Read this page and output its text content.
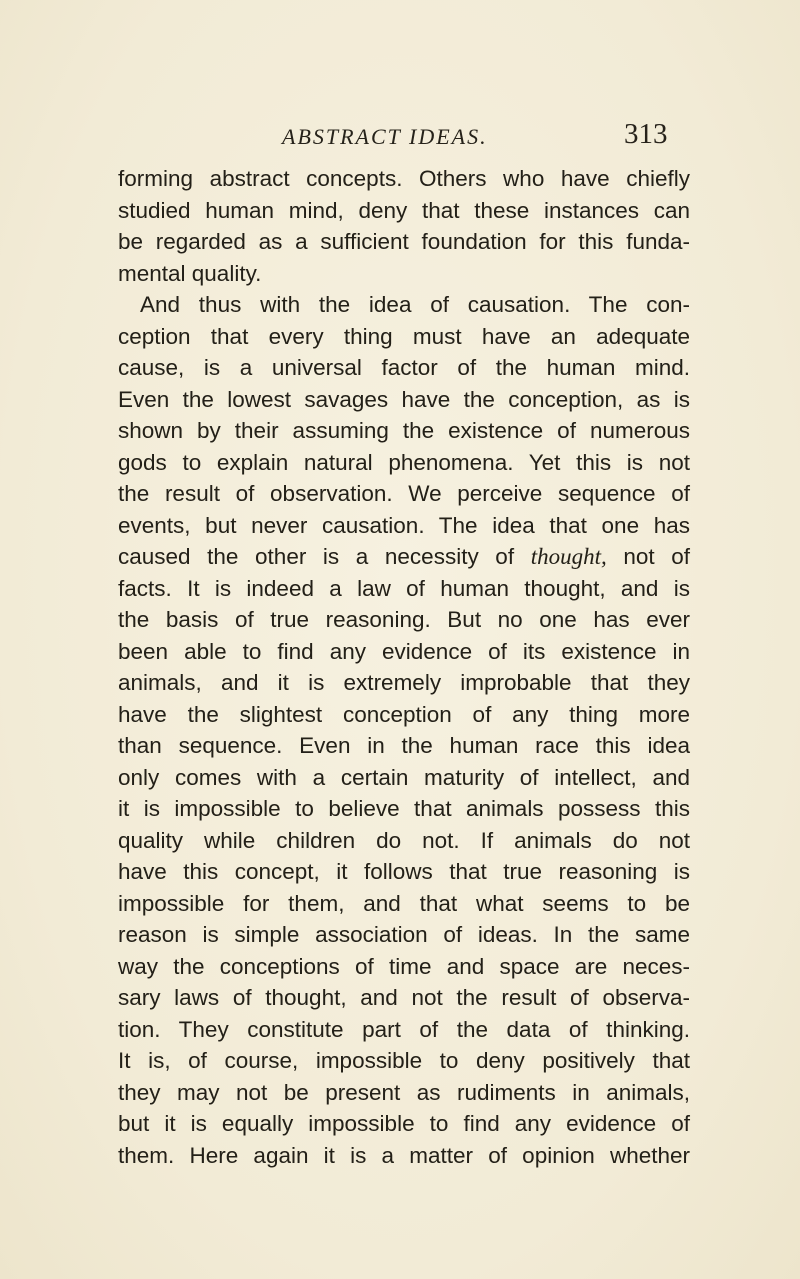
ABSTRACT IDEAS.	313
forming abstract concepts. Others who have chiefly
studied human mind, deny that these instances can
be regarded as a sufficient foundation for this funda-
mental quality.
And thus with the idea of causation. The con-
ception that every thing must have an adequate
cause, is a universal factor of the human mind.
Even the lowest savages have the conception, as is
shown by their assuming the existence of numerous
gods to explain natural phenomena. Yet this is not
the result of observation. We perceive sequence of
events, but never causation. The idea that one has
caused the other is a necessity of thought, not of
facts. It is indeed a law of human thought, and is
the basis of true reasoning. But no one has ever
been able to find any evidence of its existence in
animals, and it is extremely improbable that they
have the slightest conception of any thing more
than sequence. Even in the human race this idea
only comes with a certain maturity of intellect, and
it is impossible to believe that animals possess this
quality while children do not. If animals do not
have this concept, it follows that true reasoning is
impossible for them, and that what seems to be
reason is simple association of ideas. In the same
way the conceptions of time and space are neces-
sary laws of thought, and not the result of observa-
tion. They constitute part of the data of thinking.
It is, of course, impossible to deny positively that
they may not be present as rudiments in animals,
but it is equally impossible to find any evidence of
them. Here again it is a matter of opinion whether
